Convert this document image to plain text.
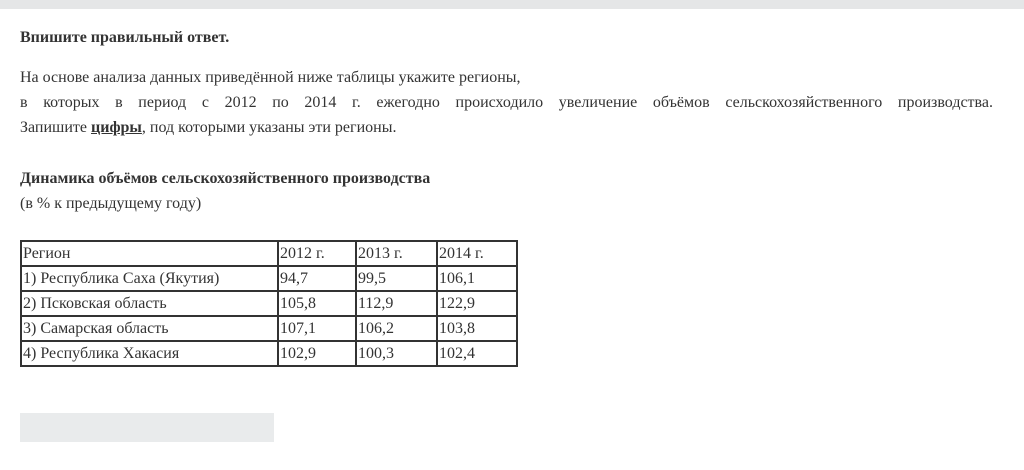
Впишите правильный ответ.

На основе анализа данных приведённой ниже таблицы укажите регионы,

в которых в период с 2012 по 2014 г. ежегодно происходило увеличение объёмов сельскохозяйственного производства.

Запишите цифры, под которыми указаны эти регионы.

Динамика объёмов сельскохозяйственного производства
(в % к предыдущему году)
Регион	2012 г.	2013 г.	2014 г.
1) Республика Саха (Якутия)	94,7	99,5	106,1
2) Псковская область	105,8	112,9	122,9
3) Самарская область	107,1	106,2	103,8
4) Республика Хакасия	102,9	100,3	102,4
